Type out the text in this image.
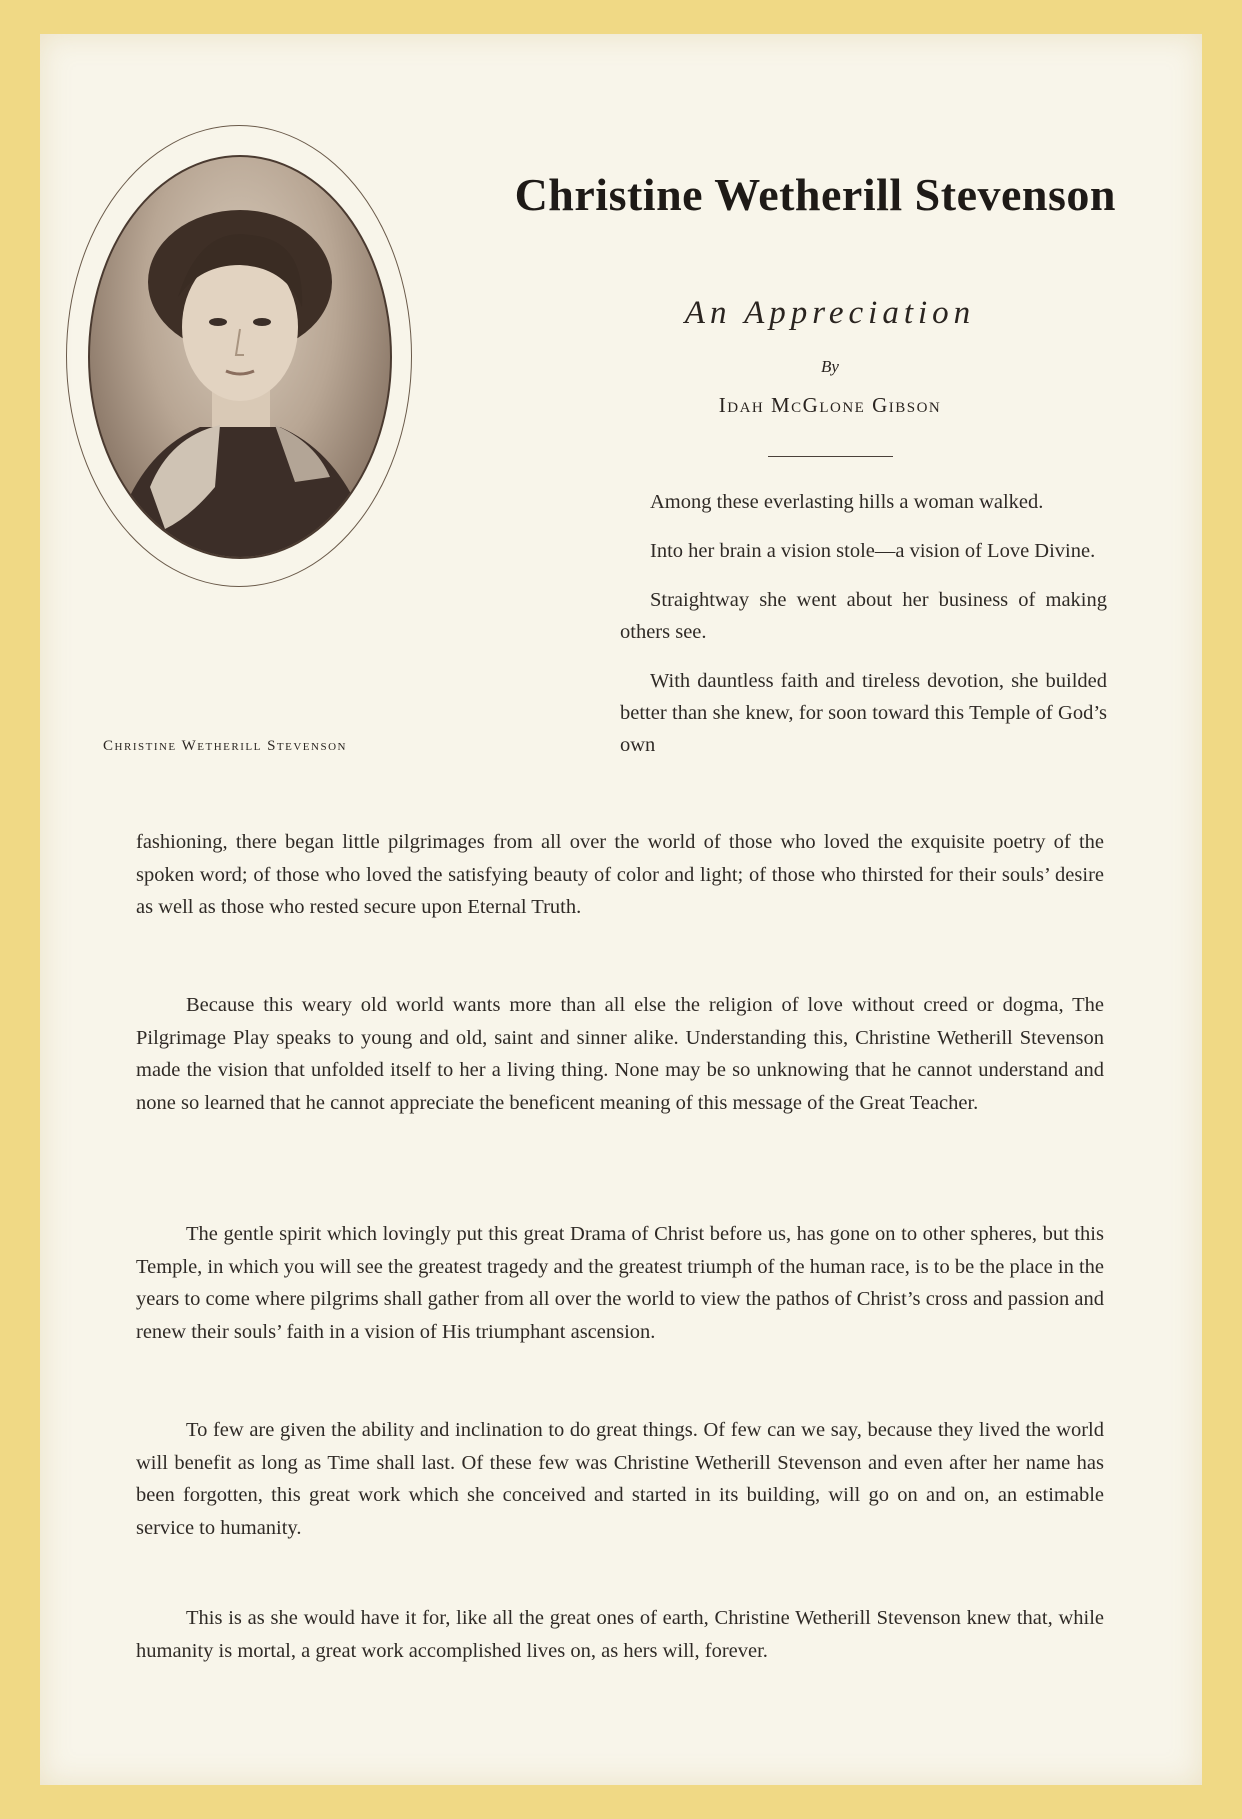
Christine Wetherill Stevenson
Christine Wetherill Stevenson
An Appreciation
By
Idah McGlone Gibson

Among these everlasting hills a woman walked.

Into her brain a vision stole—a vision of Love Divine.

Straightway she went about her business of making others see.

With dauntless faith and tireless devotion, she builded better than she knew, for soon toward this Temple of God’s own

fashioning, there began little pilgrimages from all over the world of those who loved the exquisite poetry of the spoken word; of those who loved the satisfying beauty of color and light; of those who thirsted for their souls’ desire as well as those who rested secure upon Eternal Truth.

Because this weary old world wants more than all else the religion of love without creed or dogma, The Pilgrimage Play speaks to young and old, saint and sinner alike. Understanding this, Christine Wetherill Stevenson made the vision that unfolded itself to her a living thing. None may be so unknowing that he cannot understand and none so learned that he cannot appreciate the beneficent meaning of this message of the Great Teacher.

The gentle spirit which lovingly put this great Drama of Christ before us, has gone on to other spheres, but this Temple, in which you will see the greatest tragedy and the greatest triumph of the human race, is to be the place in the years to come where pilgrims shall gather from all over the world to view the pathos of Christ’s cross and passion and renew their souls’ faith in a vision of His triumphant ascension.

To few are given the ability and inclination to do great things. Of few can we say, because they lived the world will benefit as long as Time shall last. Of these few was Christine Wetherill Stevenson and even after her name has been forgotten, this great work which she conceived and started in its building, will go on and on, an estimable service to humanity.

This is as she would have it for, like all the great ones of earth, Christine Wetherill Stevenson knew that, while humanity is mortal, a great work accomplished lives on, as hers will, forever.
